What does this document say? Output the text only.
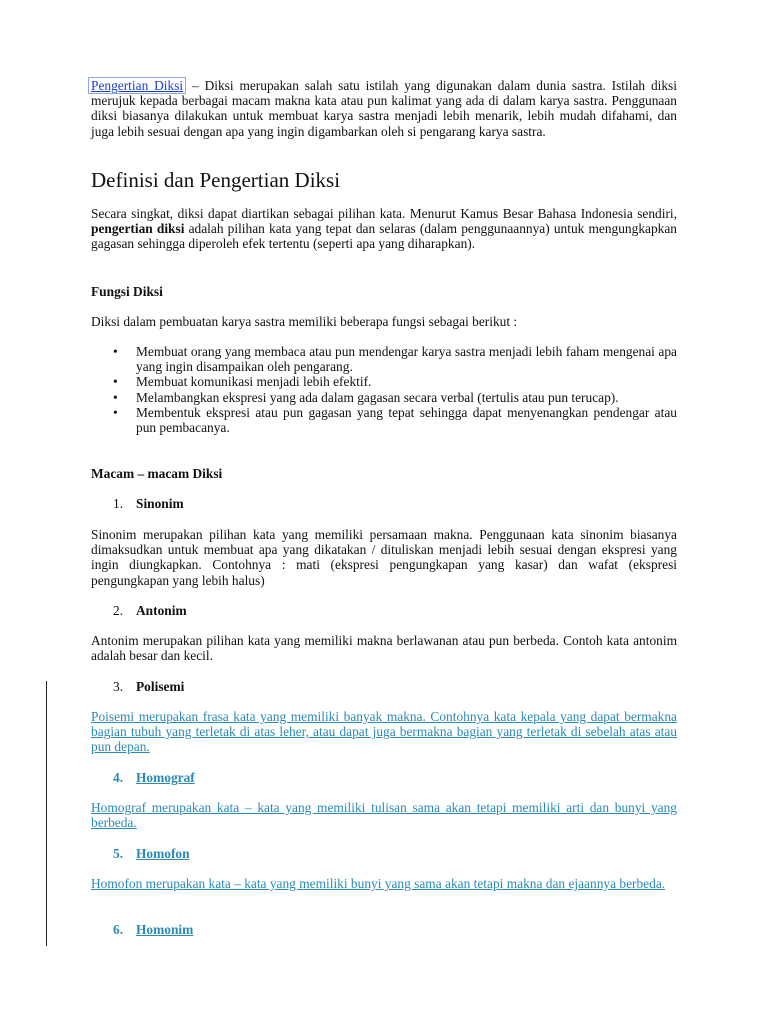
Pengertian Diksi – Diksi merupakan salah satu istilah yang digunakan dalam dunia sastra. Istilah diksi merujuk kepada berbagai macam makna kata atau pun kalimat yang ada di dalam karya sastra. Penggunaan diksi biasanya dilakukan untuk membuat karya sastra menjadi lebih menarik, lebih mudah difahami, dan juga lebih sesuai dengan apa yang ingin digambarkan oleh si pengarang karya sastra.

Definisi dan Pengertian Diksi

Secara singkat, diksi dapat diartikan sebagai pilihan kata. Menurut Kamus Besar Bahasa Indonesia sendiri, pengertian diksi adalah pilihan kata yang tepat dan selaras (dalam penggunaannya) untuk mengungkapkan gagasan sehingga diperoleh efek tertentu (seperti apa yang diharapkan).

Fungsi Diksi

Diksi dalam pembuatan karya sastra memiliki beberapa fungsi sebagai berikut :

• Membuat orang yang membaca atau pun mendengar karya sastra menjadi lebih faham mengenai apa yang ingin disampaikan oleh pengarang.
• Membuat komunikasi menjadi lebih efektif.
• Melambangkan ekspresi yang ada dalam gagasan secara verbal (tertulis atau pun terucap).
• Membentuk ekspresi atau pun gagasan yang tepat sehingga dapat menyenangkan pendengar atau pun pembacanya.

Macam – macam Diksi

1. Sinonim

Sinonim merupakan pilihan kata yang memiliki persamaan makna. Penggunaan kata sinonim biasanya dimaksudkan untuk membuat apa yang dikatakan / dituliskan menjadi lebih sesuai dengan ekspresi yang ingin diungkapkan. Contohnya : mati (ekspresi pengungkapan yang kasar) dan wafat (ekspresi pengungkapan yang lebih halus)

2. Antonim

Antonim merupakan pilihan kata yang memiliki makna berlawanan atau pun berbeda. Contoh kata antonim adalah besar dan kecil.

3. Polisemi

Poisemi merupakan frasa kata yang memiliki banyak makna. Contohnya kata kepala yang dapat bermakna bagian tubuh yang terletak di atas leher, atau dapat juga bermakna bagian yang terletak di sebelah atas atau pun depan.

4. Homograf

Homograf merupakan kata – kata yang memiliki tulisan sama akan tetapi memiliki arti dan bunyi yang berbeda.

5. Homofon

Homofon merupakan kata – kata yang memiliki bunyi yang sama akan tetapi makna dan ejaannya berbeda.

6. Homonim
